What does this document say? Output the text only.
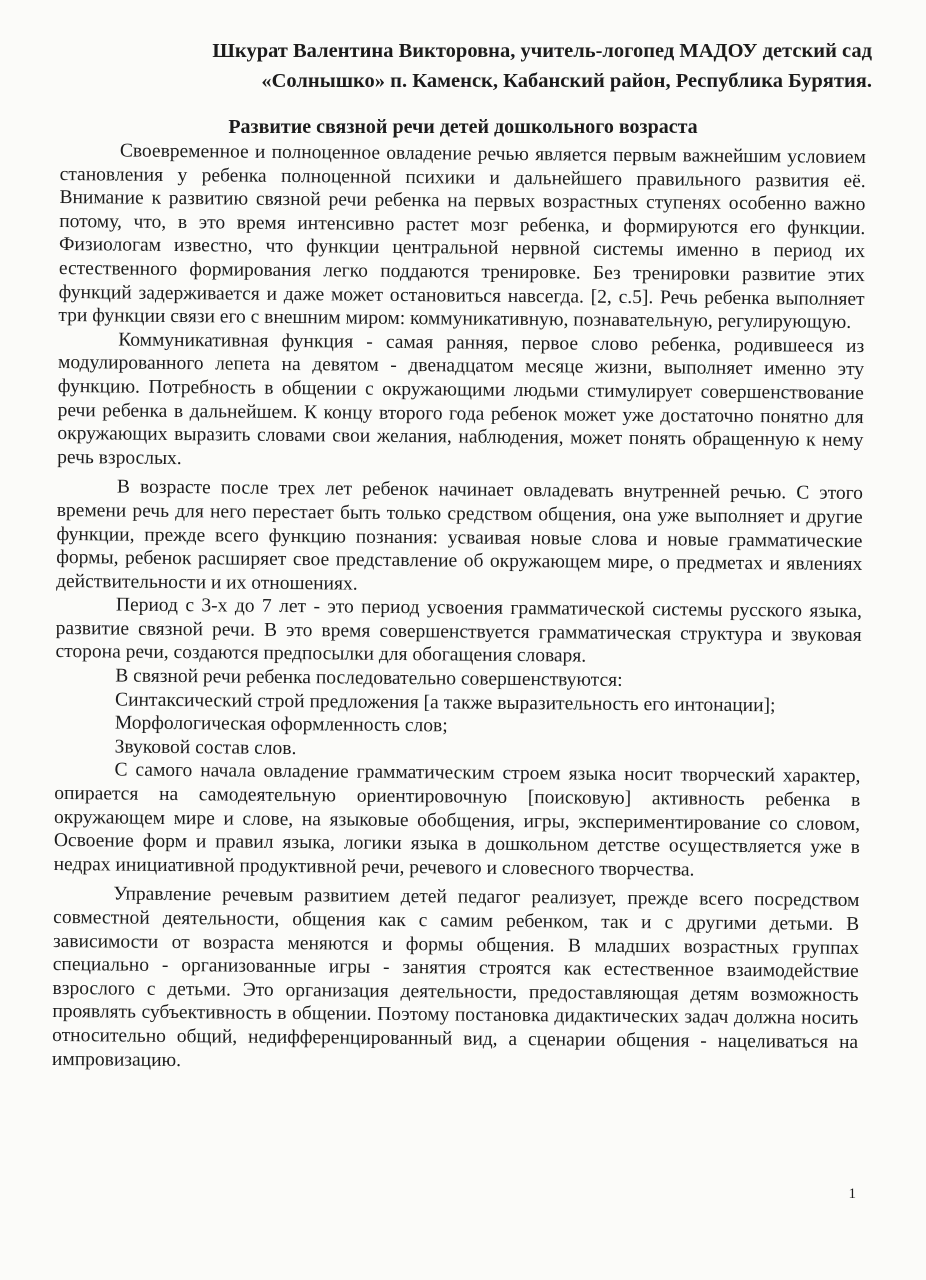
Шкурат Валентина Викторовна, учитель-логопед МАДОУ детский сад
«Солнышко» п. Каменск, Кабанский район, Республика Бурятия.
Развитие связной речи детей дошкольного возраста

Своевременное и полноценное овладение речью является первым важнейшим условием становления у ребенка полноценной психики и дальнейшего правильного развития её. Внимание к развитию связной речи ребенка на первых возрастных ступенях особенно важно потому, что, в это время интенсивно растет мозг ребенка, и формируются его функции. Физиологам известно, что функции центральной нервной системы именно в период их естественного формирования легко поддаются тренировке. Без тренировки развитие этих функций задерживается и даже может остановиться навсегда. [2, с.5]. Речь ребенка выполняет три функции связи его с внешним миром: коммуникативную, познавательную, регулирующую.

Коммуникативная функция - самая ранняя, первое слово ребенка, родившееся из модулированного лепета на девятом - двенадцатом месяце жизни, выполняет именно эту функцию. Потребность в общении с окружающими людьми стимулирует совершенствование речи ребенка в дальнейшем. К концу второго года ребенок может уже достаточно понятно для окружающих выразить словами свои желания, наблюдения, может понять обращенную к нему речь взрослых.

В возрасте после трех лет ребенок начинает овладевать внутренней речью. С этого времени речь для него перестает быть только средством общения, она уже выполняет и другие функции, прежде всего функцию познания: усваивая новые слова и новые грамматические формы, ребенок расширяет свое представление об окружающем мире, о предметах и явлениях действительности и их отношениях.

Период с 3-х до 7 лет - это период усвоения грамматической системы русского языка, развитие связной речи. В это время совершенствуется грамматическая структура и звуковая сторона речи, создаются предпосылки для обогащения словаря.

В связной речи ребенка последовательно совершенствуются:

Синтаксический строй предложения [а также выразительность его интонации];

Морфологическая оформленность слов;

Звуковой состав слов.

С самого начала овладение грамматическим строем языка носит творческий характер, опирается на самодеятельную ориентировочную [поисковую] активность ребенка в окружающем мире и слове, на языковые обобщения, игры, экспериментирование со словом, Освоение форм и правил языка, логики языка в дошкольном детстве осуществляется уже в недрах инициативной продуктивной речи, речевого и словесного творчества.

Управление речевым развитием детей педагог реализует, прежде всего посредством совместной деятельности, общения как с самим ребенком, так и с другими детьми. В зависимости от возраста меняются и формы общения. В младших возрастных группах специально - организованные игры - занятия строятся как естественное взаимодействие взрослого с детьми. Это организация деятельности, предоставляющая детям возможность проявлять субъективность в общении. Поэтому постановка дидактических задач должна носить относительно общий, недифференцированный вид, а сценарии общения - нацеливаться на импровизацию.

1
